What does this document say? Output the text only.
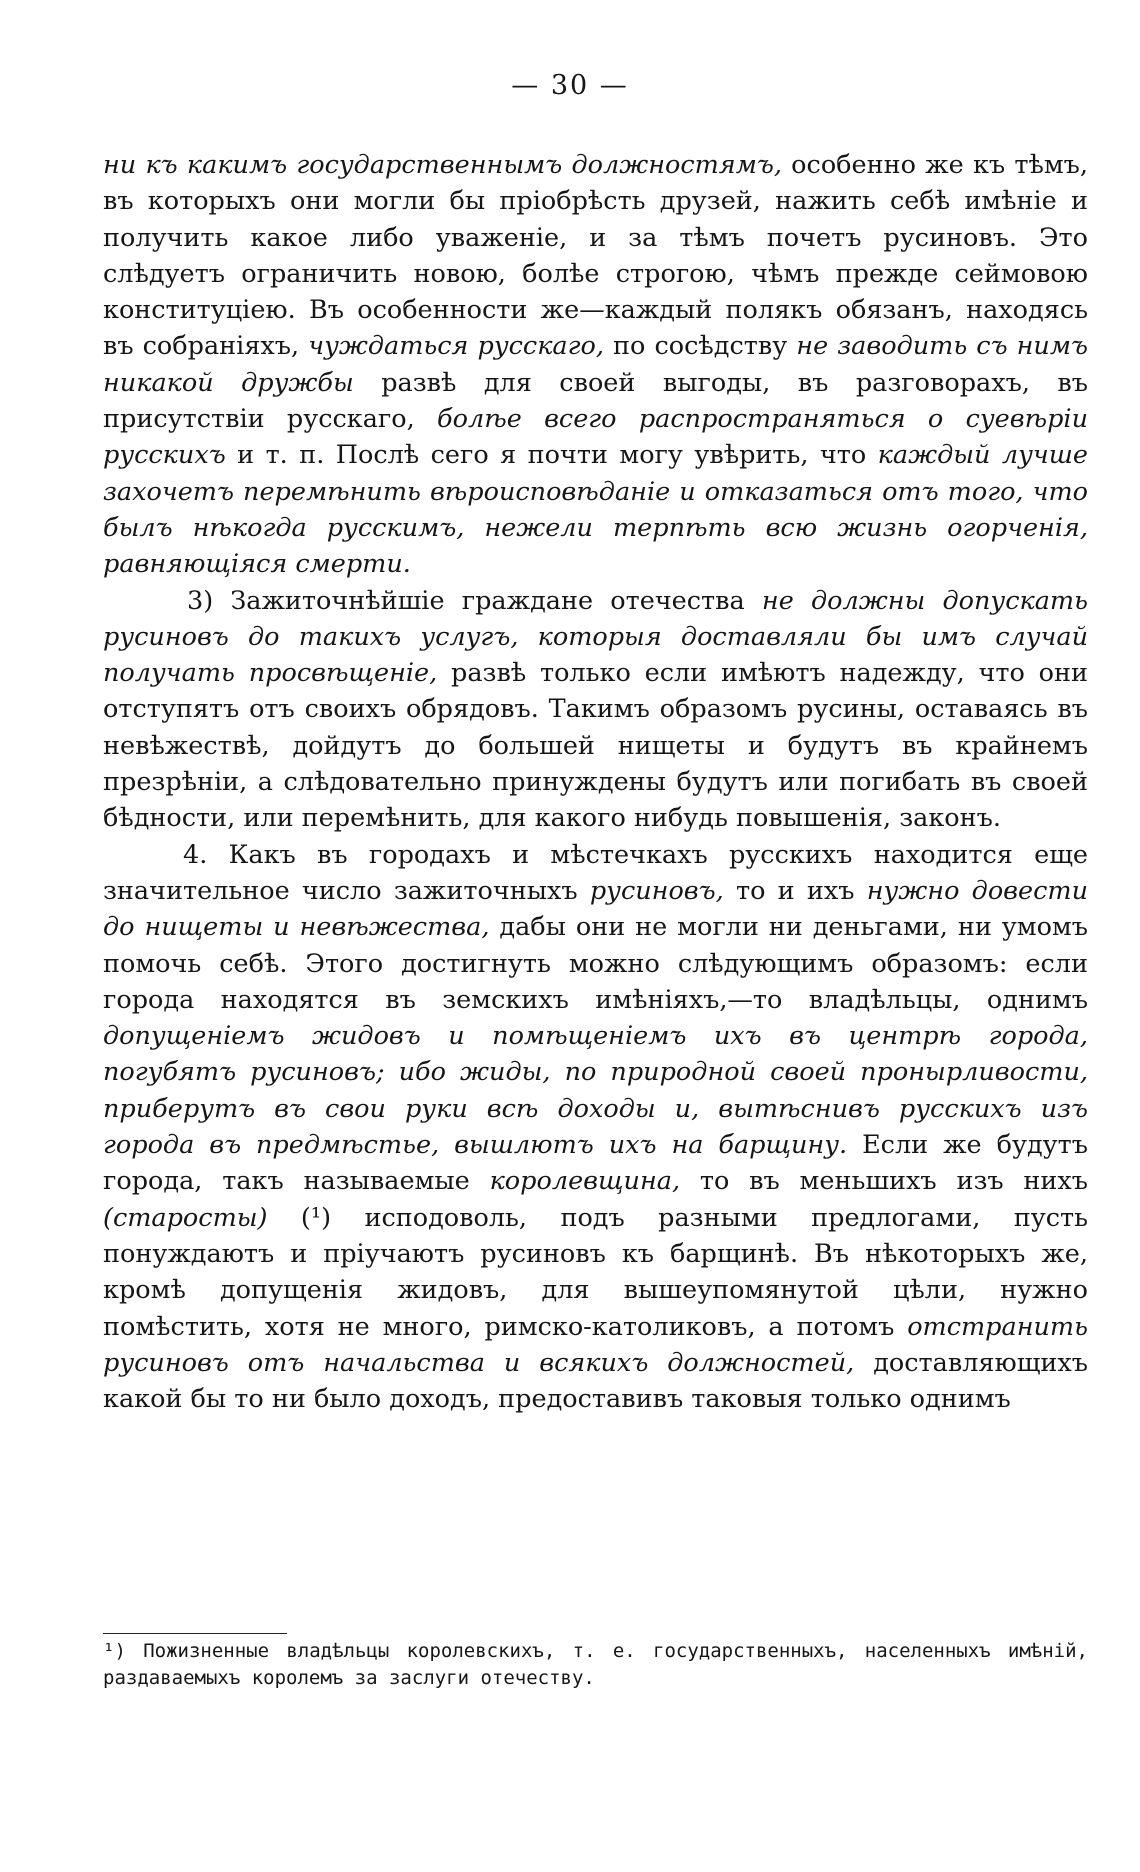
— 30 —

ни къ какимъ государственнымъ должностямъ, особенно же къ тѣмъ, въ которыхъ они могли бы пріобрѣсть друзей, нажить себѣ имѣніе и получить какое либо уваженіе, и за тѣмъ почетъ русиновъ. Это слѣдуетъ ограничить новою, болѣе строгою, чѣмъ прежде сеймовою конституціею. Въ особенности же—каждый полякъ обязанъ, находясь въ собраніяхъ, чуждаться русскаго, по сосѣдству не заводить съ нимъ никакой дружбы развѣ для своей выгоды, въ разговорахъ, въ присутствіи русскаго, болѣе всего распространяться о суевѣріи русскихъ и т. п. Послѣ сего я почти могу увѣрить, что каждый лучше захочетъ перемѣнить вѣроисповѣданіе и отказаться отъ того, что былъ нѣкогда русскимъ, нежели терпѣть всю жизнь огорченія, равняющіяся смерти.

3) Зажиточнѣйшіе граждане отечества не должны допускать русиновъ до такихъ услугъ, которыя доставляли бы имъ случай получать просвѣщеніе, развѣ только если имѣютъ надежду, что они отступятъ отъ своихъ обрядовъ. Такимъ образомъ русины, оставаясь въ невѣжествѣ, дойдутъ до большей нищеты и будутъ въ крайнемъ презрѣніи, а слѣдовательно принуждены будутъ или погибать въ своей бѣдности, или перемѣнить, для какого нибудь повышенія, законъ.

4. Какъ въ городахъ и мѣстечкахъ русскихъ находится еще значительное число зажиточныхъ русиновъ, то и ихъ нужно довести до нищеты и невѣжества, дабы они не могли ни деньгами, ни умомъ помочь себѣ. Этого достигнуть можно слѣдующимъ образомъ: если города находятся въ земскихъ имѣніяхъ,—то владѣльцы, однимъ допущеніемъ жидовъ и помѣщеніемъ ихъ въ центрѣ города, погубятъ русиновъ; ибо жиды, по природной своей пронырливости, приберутъ въ свои руки всѣ доходы и, вытѣснивъ русскихъ изъ города въ предмѣстье, вышлютъ ихъ на барщину. Если же будутъ города, такъ называемые королевщина, то въ меньшихъ изъ нихъ (старосты) (¹) исподоволь, подъ разными предлогами, пусть понуждаютъ и пріучаютъ русиновъ къ барщинѣ. Въ нѣкоторыхъ же, кромѣ допущенія жидовъ, для вышеупомянутой цѣли, нужно помѣстить, хотя не много, римско-католиковъ, а потомъ отстранить русиновъ отъ начальства и всякихъ должностей, доставляющихъ какой бы то ни было доходъ, предоставивъ таковыя только однимъ

¹) Пожизненные владѣльцы королевскихъ, т. е. государственныхъ, населенныхъ имѣній, раздаваемыхъ королемъ за заслуги отечеству.
